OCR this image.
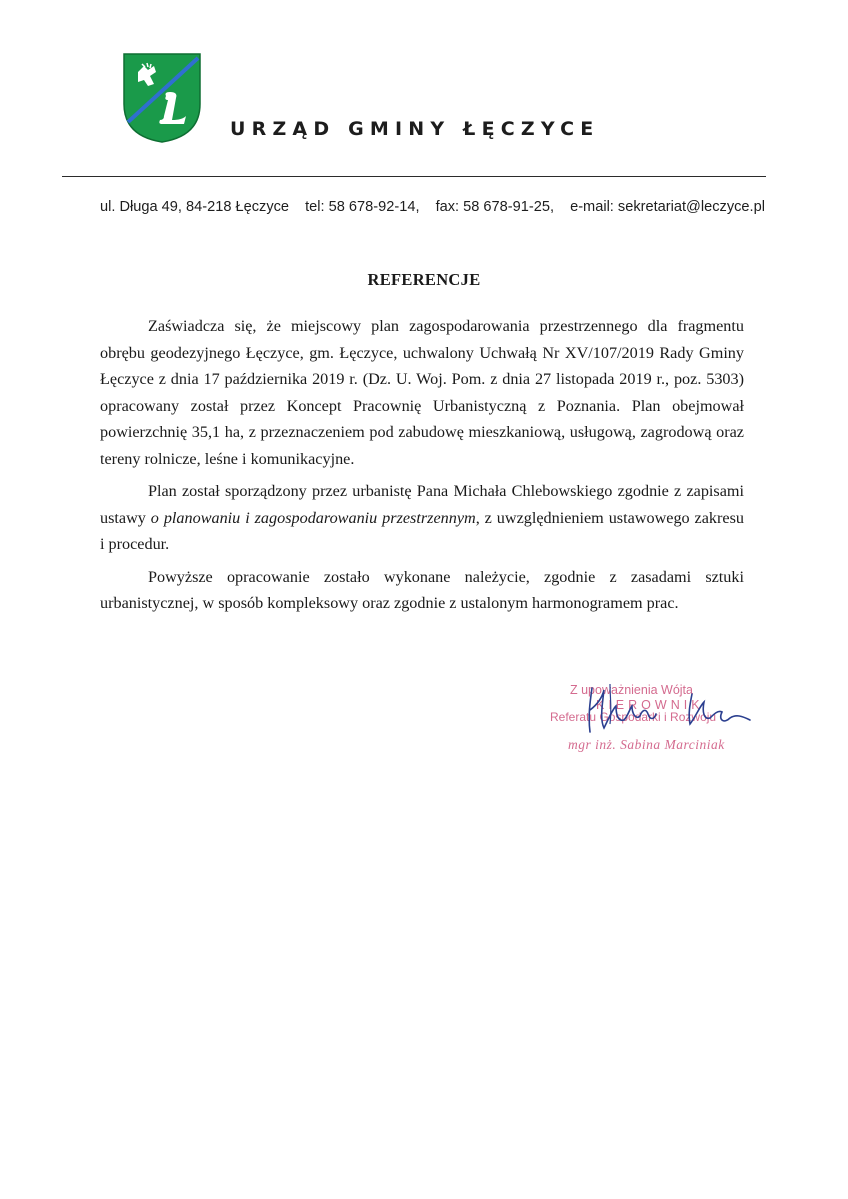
URZĄD GMINY ŁĘCZYCE
ul. Długa 49, 84-218 Łęczyce tel: 58 678-92-14, fax: 58 678-91-25, e-mail: sekretariat@leczyce.pl
REFERENCJE

Zaświadcza się, że miejscowy plan zagospodarowania przestrzennego dla fragmentu obrębu geodezyjnego Łęczyce, gm. Łęczyce, uchwalony Uchwałą Nr XV/107/2019 Rady Gminy Łęczyce z dnia 17 października 2019 r. (Dz. U. Woj. Pom. z dnia 27 listopada 2019 r., poz. 5303) opracowany został przez Koncept Pracownię Urbanistyczną z Poznania. Plan obejmował powierzchnię 35,1 ha, z przeznaczeniem pod zabudowę mieszkaniową, usługową, zagrodową oraz tereny rolnicze, leśne i komunikacyjne.

Plan został sporządzony przez urbanistę Pana Michała Chlebowskiego zgodnie z zapisami ustawy o planowaniu i zagospodarowaniu przestrzennym, z uwzględnieniem ustawowego zakresu i procedur.

Powyższe opracowanie zostało wykonane należycie, zgodnie z zasadami sztuki urbanistycznej, w sposób kompleksowy oraz zgodnie z ustalonym harmonogramem prac.

Z upoważnienia Wójta
KIEROWNIK
Referatu Gospodarki i Rozwoju
mgr inż. Sabina Marciniak
